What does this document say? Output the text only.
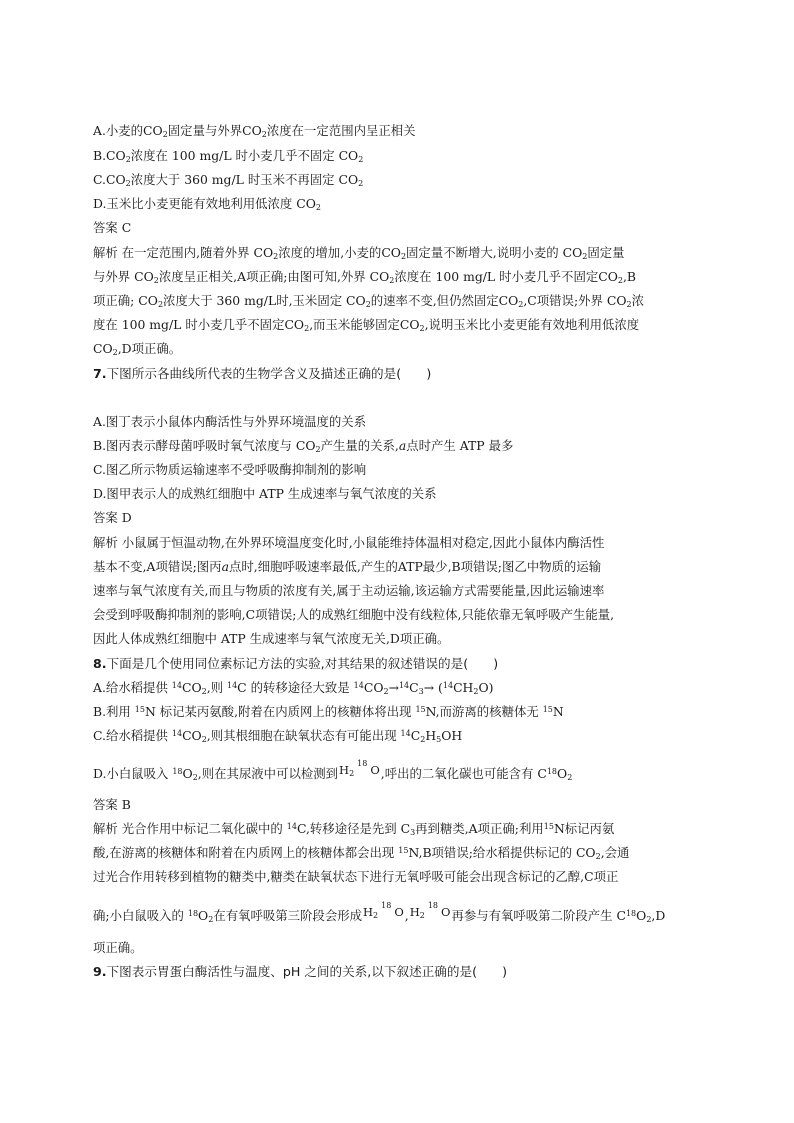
A.小麦的$CO_2$固定量与外界$CO_2$浓度在一定范围内呈正相关
$B.CO_2$浓度在 100 mg/L 时小麦几乎不固定 $CO_2$
$C.CO_2$浓度大于 360 mg/L 时玉米不再固定 $CO_2$
D.玉米比小麦更能有效地利用低浓度 $CO_2$
答案 C
解析 在一定范围内,随着外界 $CO_2$浓度的增加,小麦的$CO_2$固定量不断增大,说明小麦的 $CO_2$固定量
与外界 $CO_2$浓度呈正相关,A项正确;由图可知,外界 $CO_2$浓度在 100 mg/L 时小麦几乎不固定$CO_2,B$
项正确; $CO_2$浓度大于 360 mg/L时,玉米固定 $CO_2$的速率不变,但仍然固定$CO_2,C$项错误;外界 $CO_2$浓
度在 100 mg/L 时小麦几乎不固定$CO_2$,而玉米能够固定$CO_2$,说明玉米比小麦更能有效地利用低浓度
$CO_2,D$项正确。
7.下图所示各曲线所代表的生物学含义及描述正确的是(　　)
A.图丁表示小鼠体内酶活性与外界环境温度的关系
B.图丙表示酵母菌呼吸时氧气浓度与 $CO_2$产生量的关系,a点时产生 ATP 最多
C.图乙所示物质运输速率不受呼吸酶抑制剂的影响
D.图甲表示人的成熟红细胞中 ATP 生成速率与氧气浓度的关系
答案 D
解析 小鼠属于恒温动物,在外界环境温度变化时,小鼠能维持体温相对稳定,因此小鼠体内酶活性
基本不变,A项错误;图丙a点时,细胞呼吸速率最低,产生的ATP最少,B项错误;图乙中物质的运输
速率与氧气浓度有关,而且与物质的浓度有关,属于主动运输,该运输方式需要能量,因此运输速率
会受到呼吸酶抑制剂的影响,C项错误;人的成熟红细胞中没有线粒体,只能依靠无氧呼吸产生能量,
因此人体成熟红细胞中 ATP 生成速率与氧气浓度无关,D项正确。
8.下面是几个使用同位素标记方法的实验,对其结果的叙述错误的是(　　)
A.给水稻提供 $^{14}CO_2$,则 $^{14}$C 的转移途径大致是 $^{14}CO_2\to^{14}C_3\to (^{14}CH_2O)$
B.利用 $^{15}$N 标记某丙氨酸,附着在内质网上的核糖体将出现 $^{15}$N,而游离的核糖体无 $^{15}$N
C.给水稻提供 $^{14}CO_2$,则其根细胞在缺氧状态有可能出现 $^{14}C_2H_5OH$
D.小白鼠吸入 $^{18}O_2$,则在其尿液中可以检测到$H_2^{18}$ O,呼出的二氧化碳也可能含有 $C^{18}O_2$
答案 B
解析 光合作用中标记二氧化碳中的 $^{14}$C,转移途径是先到 $C_3$再到糖类,A项正确;利用$^{15}$N标记丙氨
酸,在游离的核糖体和附着在内质网上的核糖体都会出现 $^{15}$N,B项错误;给水稻提供标记的 $CO_2$,会通
过光合作用转移到植物的糖类中,糖类在缺氧状态下进行无氧呼吸可能会出现含标记的乙醇,C项正
确;小白鼠吸入的 $^{18}O_2$在有氧呼吸第三阶段会形成$H_2^{18}$ $O,H_2^{18}$ O再参与有氧呼吸第二阶段产生 $C^{18}O_2,D$
项正确。
9.下图表示胃蛋白酶活性与温度、pH 之间的关系,以下叙述正确的是(　　)
